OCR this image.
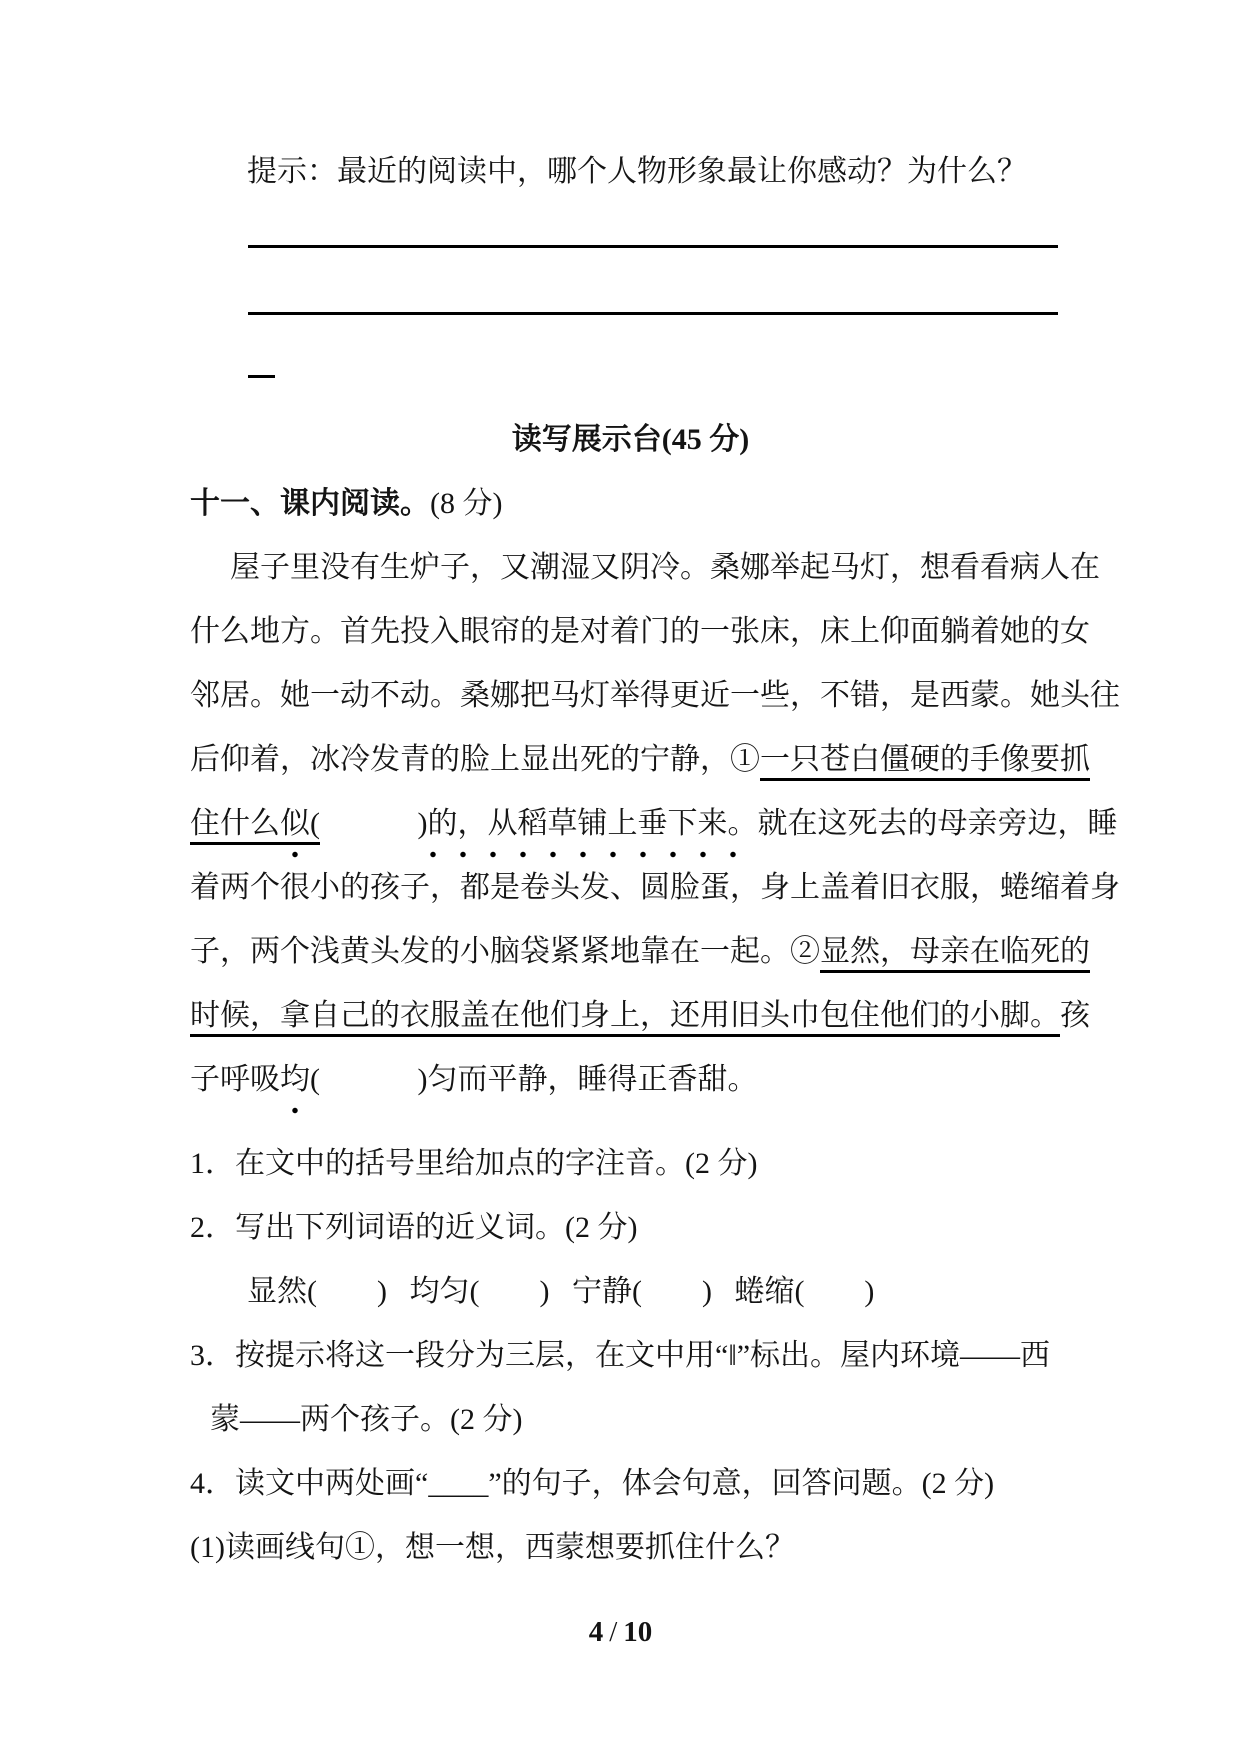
提示：最近的阅读中，哪个人物形象最让你感动？为什么？

读写展示台(45 分)
十一、课内阅读。(8 分)

屋子里没有生炉子，又潮湿又阴冷。桑娜举起马灯，想看看病人在

什么地方。首先投入眼帘的是对着门的一张床，床上仰面躺着她的女

邻居。她一动不动。桑娜把马灯举得更近一些，不错，是西蒙。她头往

后仰着，冰冷发青的脸上显出死的宁静，①一只苍白僵硬的手像要抓

住什么似(	)的，从稻草铺上垂下来。就在这死去的母亲旁边，睡

着两个很小的孩子，都是卷头发、圆脸蛋，身上盖着旧衣服，蜷缩着身

子，两个浅黄头发的小脑袋紧紧地靠在一起。②显然，母亲在临死的

时候，拿自己的衣服盖在他们身上，还用旧头巾包住他们的小脚。孩

子呼吸均(             )匀而平静，睡得正香甜。

1．在文中的括号里给加点的字注音。(2 分)

2．写出下列词语的近义词。(2 分)

显然(        )   均匀(        )   宁静(        )   蜷缩(        )

3．按提示将这一段分为三层，在文中用“‖”标出。屋内环境——西

蒙——两个孩子。(2 分)

4．读文中两处画“____”的句子，体会句意，回答问题。(2 分)

(1)读画线句①，想一想，西蒙想要抓住什么？

4 / 10
